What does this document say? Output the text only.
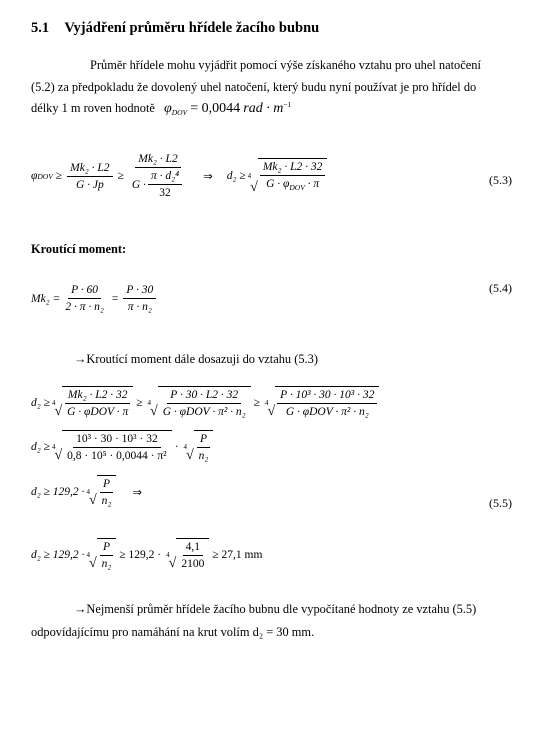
5.1 Vyjádření průměru hřídele žacího bubnu
Průměr hřídele mohu vyjádřit pomocí výše získaného vztahu pro uhel natočení
(5.2) za předpokladu že dovolený uhel natočení, který budu nyní používat je pro hřídel do
délky 1 m roven hodnotě $\varphi_{DOV} = 0,0044$ rad · $m^{-1}$
φ DOV ≥ $\frac{\text{Mk₂ · L2}}{G \cdot Jp} \ge \frac{\text{Mk₂ · L2}}{G \cdot \frac{\text{π · d₂⁴}}{32}}$ ⇒ d₂ ≥ 4
√ $\frac{\text{Mk₂ · L2 · 32}}{G \cdot \varphi_{DOV} \cdot \pi}$	(5.3)
Kroutící moment:
$Mk_2 = \frac{P \cdot 60}{\text{2 · π · n₂}} = \frac{P \cdot 30}{\text{π · n₂}}$	(5.4)
→Kroutící moment dále dosazuji do vztahu (5.3)
d₂ ≥ 4
√ $\frac{\text{Mk₂ · L2 · 32}}{\text{G · φDOV · π}} \ge 4$
√ $\frac{P \cdot 30 \cdot L2 \cdot 32}{\text{G · φDOV · π² · n₂}} \ge 4$
√ $\frac{\text{P · 10³ · 30 · 10³ · 32}}{\text{G · φDOV · π² · n₂}}$
d₂ ≥ 4
√ $\frac{\text{10³ · 30 · 10³ · 32}}{\text{0,8 · 10⁵ · 0,0044 · π²}} \cdot 4$
√ $\frac{P}{\text{n₂}}$
d₂ ≥ 129,2 · 4
√ $\frac{P}{\text{n₂}}$ ⇒
(5.5)
d₂ ≥ 129,2 · 4
√ $\frac{P}{\text{n₂}} \ge 129,2 \cdot 4$
√ $\frac{4,1}{2100} \ge 27,1$ mm
→Nejmenší průměr hřídele žacího bubnu dle vypočítané hodnoty ze vztahu (5.5)
odpovídajícímu pro namáhání na krut volím d₂ = 30 mm.
